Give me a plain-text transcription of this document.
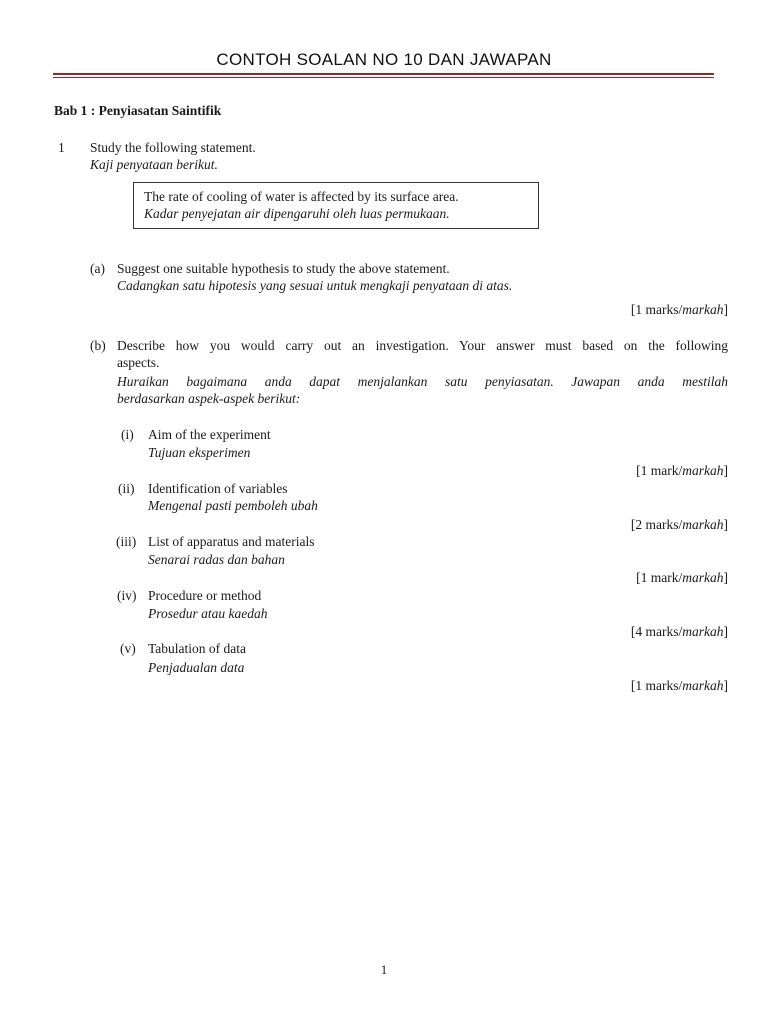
CONTOH SOALAN NO 10 DAN JAWAPAN
Bab 1 : Penyiasatan Saintifik
1 Study the following statement.
Kaji penyataan berikut.
The rate of cooling of water is affected by its surface area.
Kadar penyejatan air dipengaruhi oleh luas permukaan.
(a) Suggest one suitable hypothesis to study the above statement.
Cadangkan satu hipotesis yang sesuai untuk mengkaji penyataan di atas.
[1 marks/markah]
(b) Describe how you would carry out an investigation. Your answer must based on the following
aspects.
Huraikan bagaimana anda dapat menjalankan satu penyiasatan. Jawapan anda mestilah
berdasarkan aspek-aspek berikut:
(i) Aim of the experiment
Tujuan eksperimen
[1 mark/markah]
(ii) Identification of variables
Mengenal pasti pemboleh ubah
[2 marks/markah]
(iii) List of apparatus and materials
Senarai radas dan bahan
[1 mark/markah]
(iv) Procedure or method
Prosedur atau kaedah
[4 marks/markah]
(v) Tabulation of data
Penjadualan data
[1 marks/markah]
1
